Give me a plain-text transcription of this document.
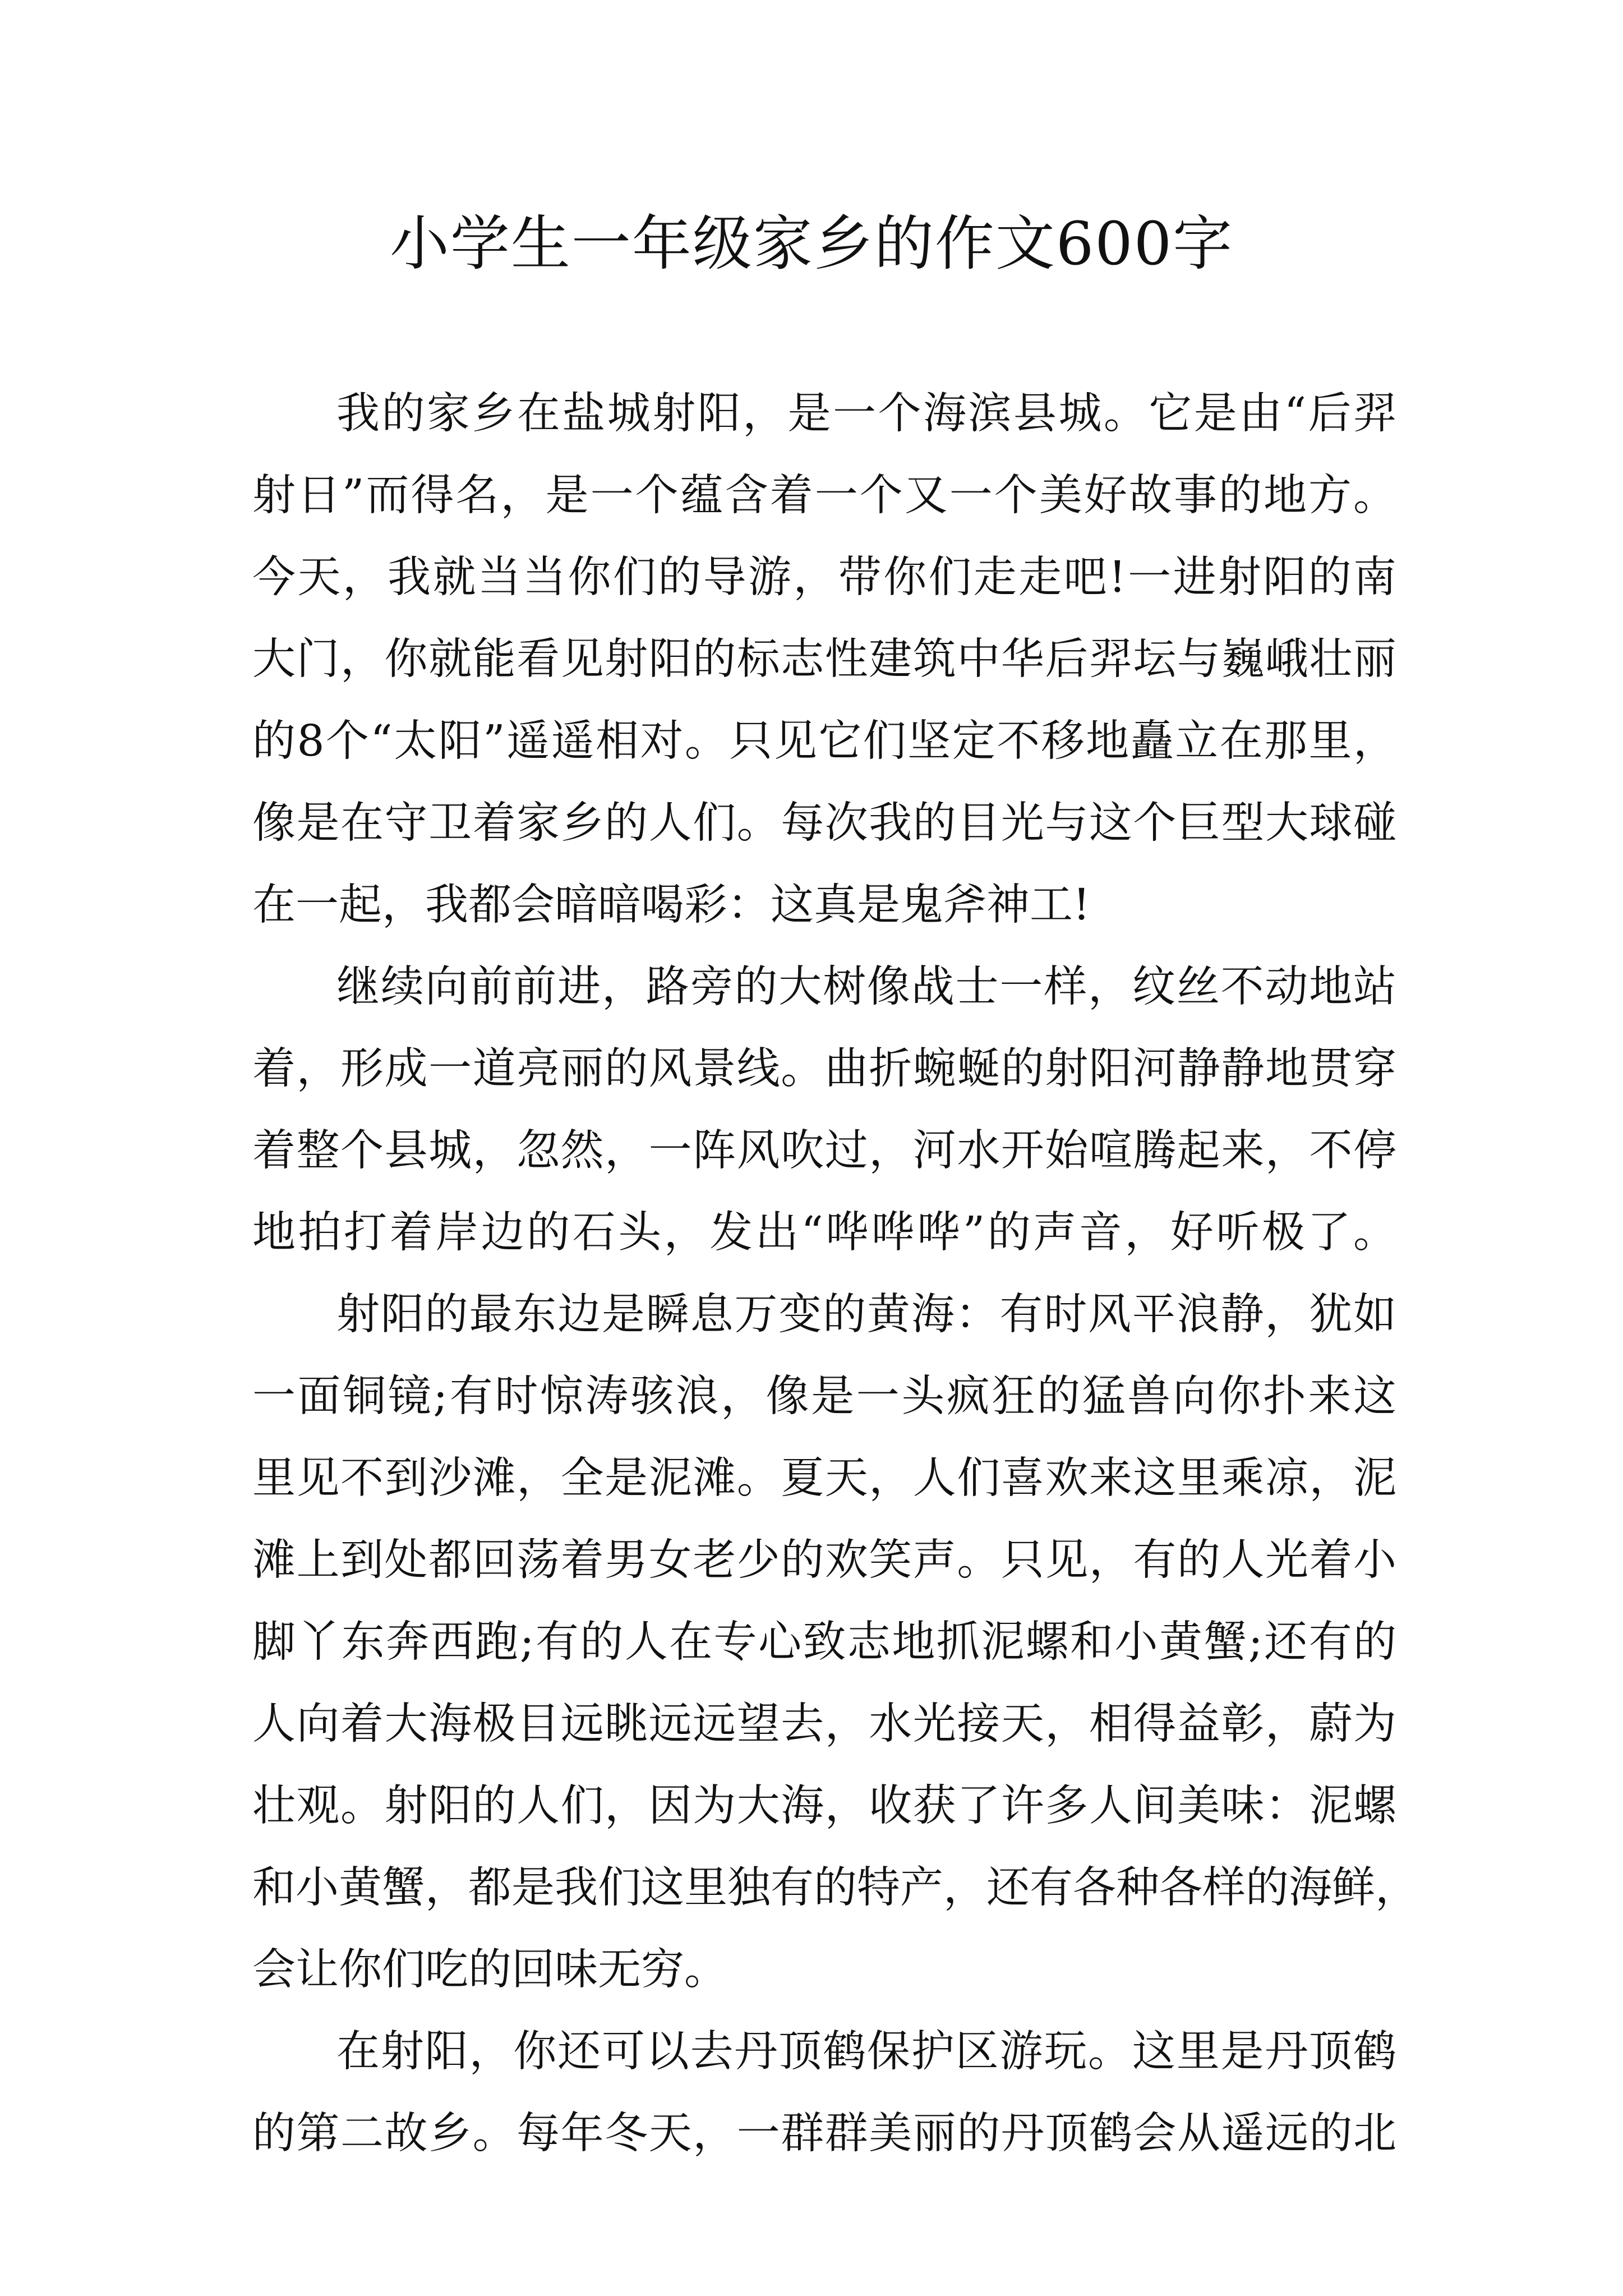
小学生一年级家乡的作文600字
我的家乡在盐城射阳，是一个海滨县城。它是由“后羿
射日”而得名，是一个蕴含着一个又一个美好故事的地方。
今天，我就当当你们的导游，带你们走走吧!一进射阳的南
大门，你就能看见射阳的标志性建筑中华后羿坛与巍峨壮丽
的8个“太阳”遥遥相对。只见它们坚定不移地矗立在那里，
像是在守卫着家乡的人们。每次我的目光与这个巨型大球碰
在一起，我都会暗暗喝彩：这真是鬼斧神工!
继续向前前进，路旁的大树像战士一样，纹丝不动地站
着，形成一道亮丽的风景线。曲折蜿蜒的射阳河静静地贯穿
着整个县城，忽然，一阵风吹过，河水开始喧腾起来，不停
地拍打着岸边的石头，发出“哗哗哗”的声音，好听极了。
射阳的最东边是瞬息万变的黄海：有时风平浪静，犹如
一面铜镜;有时惊涛骇浪，像是一头疯狂的猛兽向你扑来这
里见不到沙滩，全是泥滩。夏天，人们喜欢来这里乘凉，泥
滩上到处都回荡着男女老少的欢笑声。只见，有的人光着小
脚丫东奔西跑;有的人在专心致志地抓泥螺和小黄蟹;还有的
人向着大海极目远眺远远望去，水光接天，相得益彰，蔚为
壮观。射阳的人们，因为大海，收获了许多人间美味：泥螺
和小黄蟹，都是我们这里独有的特产，还有各种各样的海鲜，
会让你们吃的回味无穷。
在射阳，你还可以去丹顶鹤保护区游玩。这里是丹顶鹤
的第二故乡。每年冬天，一群群美丽的丹顶鹤会从遥远的北
